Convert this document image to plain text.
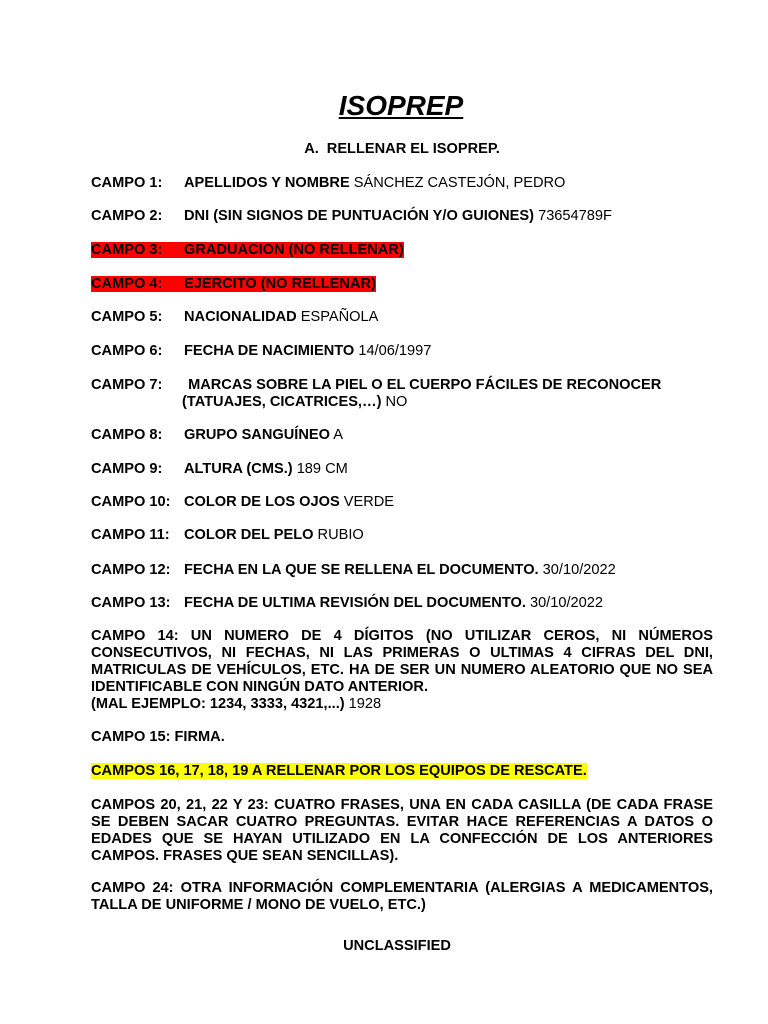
ISOPREP
A. RELLENAR EL ISOPREP.
CAMPO 1: APELLIDOS Y NOMBRE SÁNCHEZ CASTEJÓN, PEDRO
CAMPO 2: DNI (SIN SIGNOS DE PUNTUACIÓN Y/O GUIONES) 73654789F
CAMPO 3: GRADUACION (NO RELLENAR)
CAMPO 4: EJERCITO (NO RELLENAR)
CAMPO 5: NACIONALIDAD ESPAÑOLA
CAMPO 6: FECHA DE NACIMIENTO 14/06/1997
CAMPO 7: MARCAS SOBRE LA PIEL O EL CUERPO FÁCILES DE RECONOCER
(TATUAJES, CICATRICES,…) NO
CAMPO 8: GRUPO SANGUÍNEO A
CAMPO 9: ALTURA (CMS.) 189 CM
CAMPO 10: COLOR DE LOS OJOS VERDE
CAMPO 11: COLOR DEL PELO RUBIO
CAMPO 12: FECHA EN LA QUE SE RELLENA EL DOCUMENTO. 30/10/2022
CAMPO 13: FECHA DE ULTIMA REVISIÓN DEL DOCUMENTO. 30/10/2022
CAMPO 14: UN NUMERO DE 4 DÍGITOS (NO UTILIZAR CEROS, NI NÚMEROS CONSECUTIVOS, NI FECHAS, NI LAS PRIMERAS O ULTIMAS 4 CIFRAS DEL DNI, MATRICULAS DE VEHÍCULOS, ETC. HA DE SER UN NUMERO ALEATORIO QUE NO SEA IDENTIFICABLE CON NINGÚN DATO ANTERIOR.
(MAL EJEMPLO: 1234, 3333, 4321,...) 1928
CAMPO 15: FIRMA.
CAMPOS 16, 17, 18, 19 A RELLENAR POR LOS EQUIPOS DE RESCATE.
CAMPOS 20, 21, 22 Y 23: CUATRO FRASES, UNA EN CADA CASILLA (DE CADA FRASE SE DEBEN SACAR CUATRO PREGUNTAS. EVITAR HACE REFERENCIAS A DATOS O EDADES QUE SE HAYAN UTILIZADO EN LA CONFECCIÓN DE LOS ANTERIORES CAMPOS. FRASES QUE SEAN SENCILLAS).
CAMPO 24: OTRA INFORMACIÓN COMPLEMENTARIA (ALERGIAS A MEDICAMENTOS, TALLA DE UNIFORME / MONO DE VUELO, ETC.)
UNCLASSIFIED
